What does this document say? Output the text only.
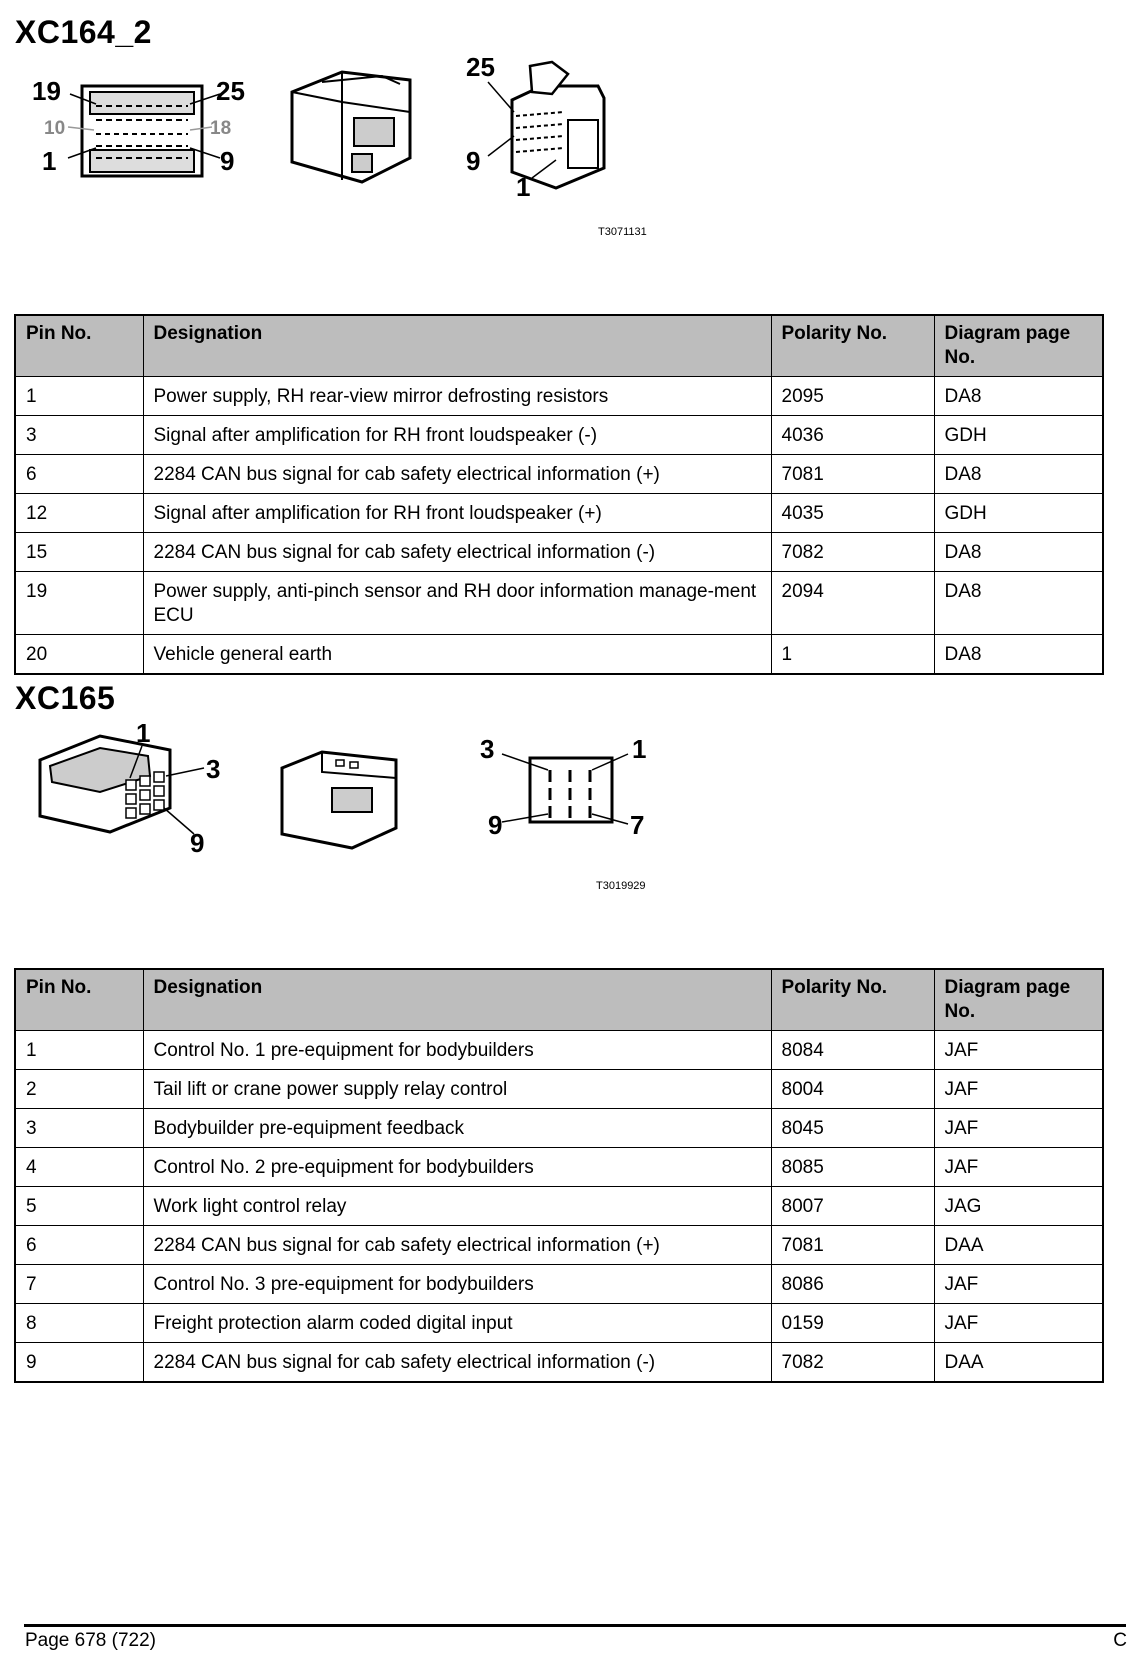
XC164_2
19	25
10	18
1	9
25
9
1
T3071131
Pin No.	Designation	Polarity No.	Diagram page No.
1	Power supply, RH rear-view mirror defrosting resistors	2095	DA8
3	Signal after amplification for RH front loudspeaker (-)	4036	GDH
6	2284 CAN bus signal for cab safety electrical information (+)	7081	DA8
12	Signal after amplification for RH front loudspeaker (+)	4035	GDH
15	2284 CAN bus signal for cab safety electrical information (-)	7082	DA8
19	Power supply, anti-pinch sensor and RH door information manage-ment ECU	2094	DA8
20	Vehicle general earth	1	DA8
XC165
1
3
9
3	1
9	7
T3019929
Pin No.	Designation	Polarity No.	Diagram page No.
1	Control No. 1 pre-equipment for bodybuilders	8084	JAF
2	Tail lift or crane power supply relay control	8004	JAF
3	Bodybuilder pre-equipment feedback	8045	JAF
4	Control No. 2 pre-equipment for bodybuilders	8085	JAF
5	Work light control relay	8007	JAG
6	2284 CAN bus signal for cab safety electrical information (+)	7081	DAA
7	Control No. 3 pre-equipment for bodybuilders	8086	JAF
8	Freight protection alarm coded digital input	0159	JAF
9	2284 CAN bus signal for cab safety electrical information (-)	7082	DAA
Page 678 (722)	C
